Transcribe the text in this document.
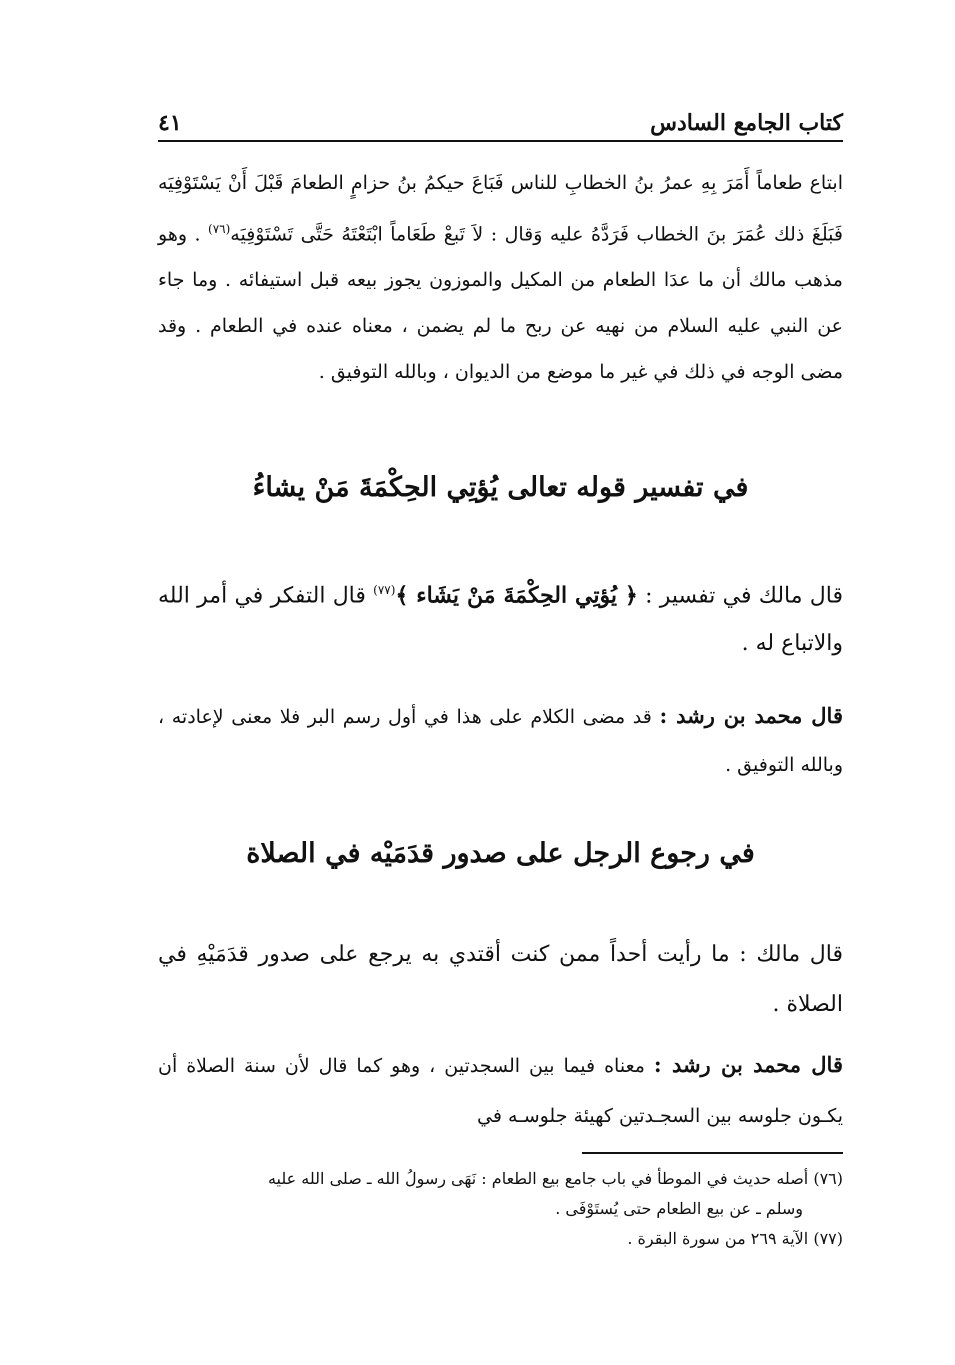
كتاب الجامع السادس
٤١

ابتاع طعاماً أَمَرَ بِهِ عمرُ بنُ الخطابِ للناس فَبَاعَ حيكمُ بنُ حزامٍ الطعامَ قَبْلَ أَنْ يَسْتَوْفِيَه فَبَلَغَ ذلك عُمَرَ بنَ الخطاب فَرَدَّهُ عليه وَقال : لاَ تَبعْ طَعَاماً ابْتَعْتَهُ حَتَّى تَسْتَوْفِيَه$^{(٧٦)}$ . وهو مذهب مالك أن ما عدَا الطعام من المكيل والموزون يجوز بيعه قبل استيفائه . وما جاء عن النبي عليه السلام من نهيه عن ربح ما لم يضمن ، معناه عنده في الطعام . وقد مضى الوجه في ذلك في غير ما موضع من الديوان ، وبالله التوفيق .

في تفسير قوله تعالى يُؤتِي الحِكْمَةَ مَنْ يشاءُ

قال مالك في تفسير : ﴿ يُؤتِي الحِكْمَةَ مَنْ يَشَاء ﴾$^{(٧٧)}$ قال التفكر في أمر الله والاتباع له .

قال محمد بن رشد : قد مضى الكلام على هذا في أول رسم البر فلا معنى لإعادته ، وبالله التوفيق .

في رجوع الرجل على صدور قدَمَيْه في الصلاة

قال مالك : ما رأيت أحداً ممن كنت أقتدي به يرجع على صدور قدَمَيْهِ في الصلاة .

قال محمد بن رشد : معناه فيما بين السجدتين ، وهو كما قال لأن سنة الصلاة أن يكـون جلوسه بين السجـدتين كهيئة جلوسـه في

(٧٦) أصله حديث في الموطأ في باب جامع بيع الطعام : نَهَى رسولُ الله ـ صلى الله عليه
وسلم ـ عن بيع الطعام حتى يُستَوْفَى .
(٧٧) الآية ٢٦٩ من سورة البقرة .
